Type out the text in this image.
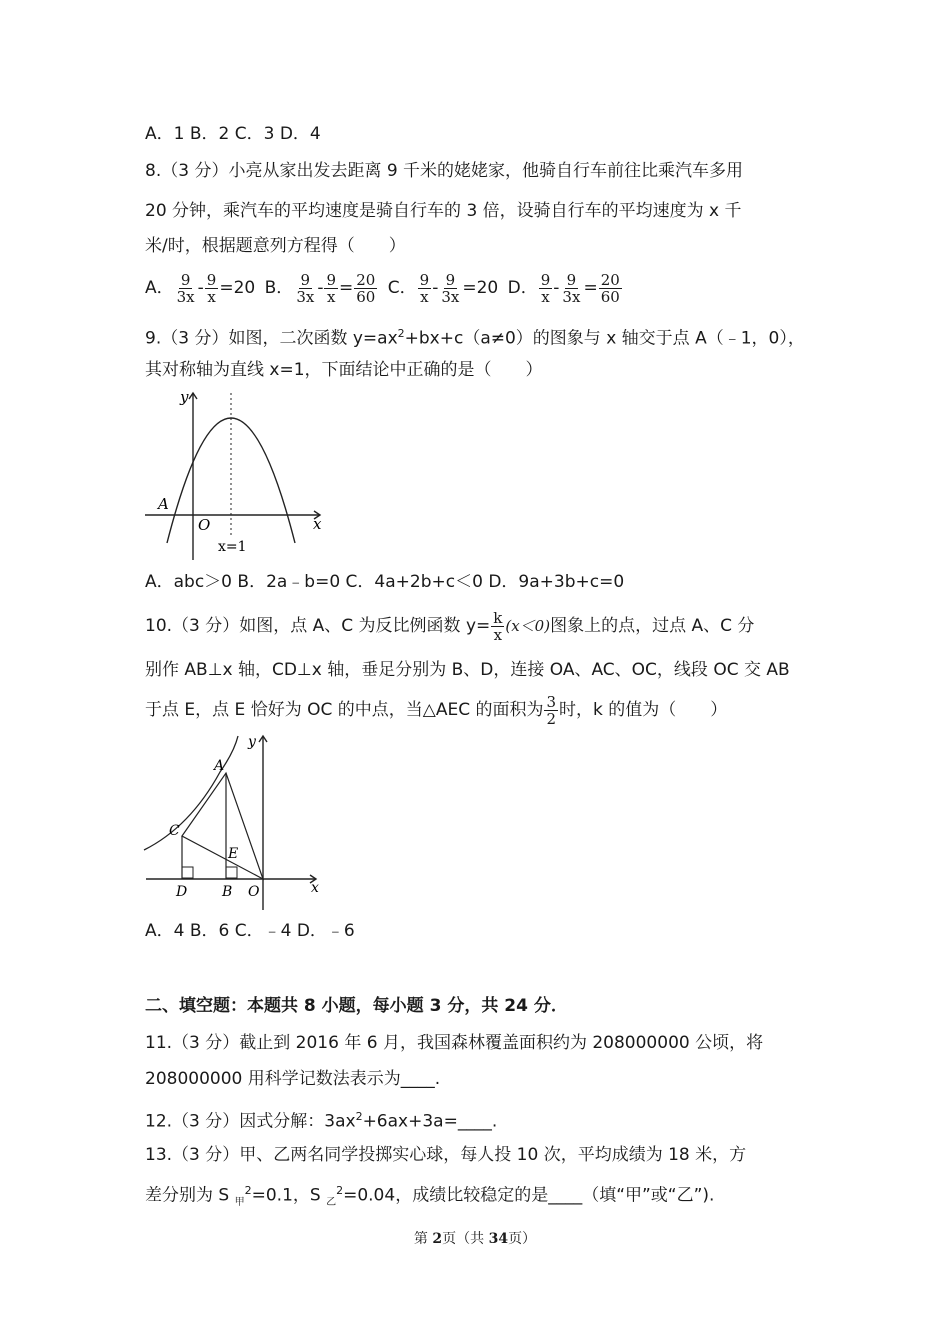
A．1 B．2 C．3 D．4
8.（3 分）小亮从家出发去距离 9 千米的姥姥家，他骑自行车前往比乘汽车多用
20 分钟，乘汽车的平均速度是骑自行车的 3 倍，设骑自行车的平均速度为 x 千
米/时，根据题意列方程得（　　）
A． $\frac{9}{3x} - \frac{9}{x} =20$ B． $\frac{9}{3x} - \frac{9}{x} = \frac{20}{60}$ C． $\frac{9}{x} - \frac{9}{3x} =20$ D． $\frac{9}{x} - \frac{9}{3x} = \frac{20}{60}$
9.（3 分）如图，二次函数 $y=ax^2+bx+c(a\ne 0)$的图象与 x 轴交于点 A（﹣1，0），
其对称轴为直线 x=1，下面结论中正确的是（　　）
y
x
A
O
x=1
A．abc＞0 B．2a﹣b=0 C．4a+2b+c＜0 D．9a+3b+c=0
10.（3 分）如图，点 A、C 为反比例函数 $y= \frac{k}{x} (x<0)$图象上的点，过点 A、C 分
别作 AB⊥x 轴，CD⊥x 轴，垂足分别为 B、D，连接 OA、AC、OC，线段 OC 交 AB
于点 E，点 E 恰好为 OC 的中点，当△AEC 的面积为 $\frac{3}{2}$ 时，k 的值为（　　）
y
x
A
C
E
D B O
A．4 B．6 C．﹣4 D．﹣6
二、填空题：本题共 8 小题，每小题 3 分，共 24 分．
11.（3 分）截止到 2016 年 6 月，我国森林覆盖面积约为 208000000 公顷，将
208000000 用科学记数法表示为____.
12.（3 分）因式分解：$3ax^2+6ax+3a=\_\_\_\_$.
13.（3 分）甲、乙两名同学投掷实心球，每人投 10 次，平均成绩为 18 米，方
差分别为 S $_甲^2$=0.1，S $_乙^2$=0.04，成绩比较稳定的是____（填“甲”或“乙”).
第 2页（共 34页）
